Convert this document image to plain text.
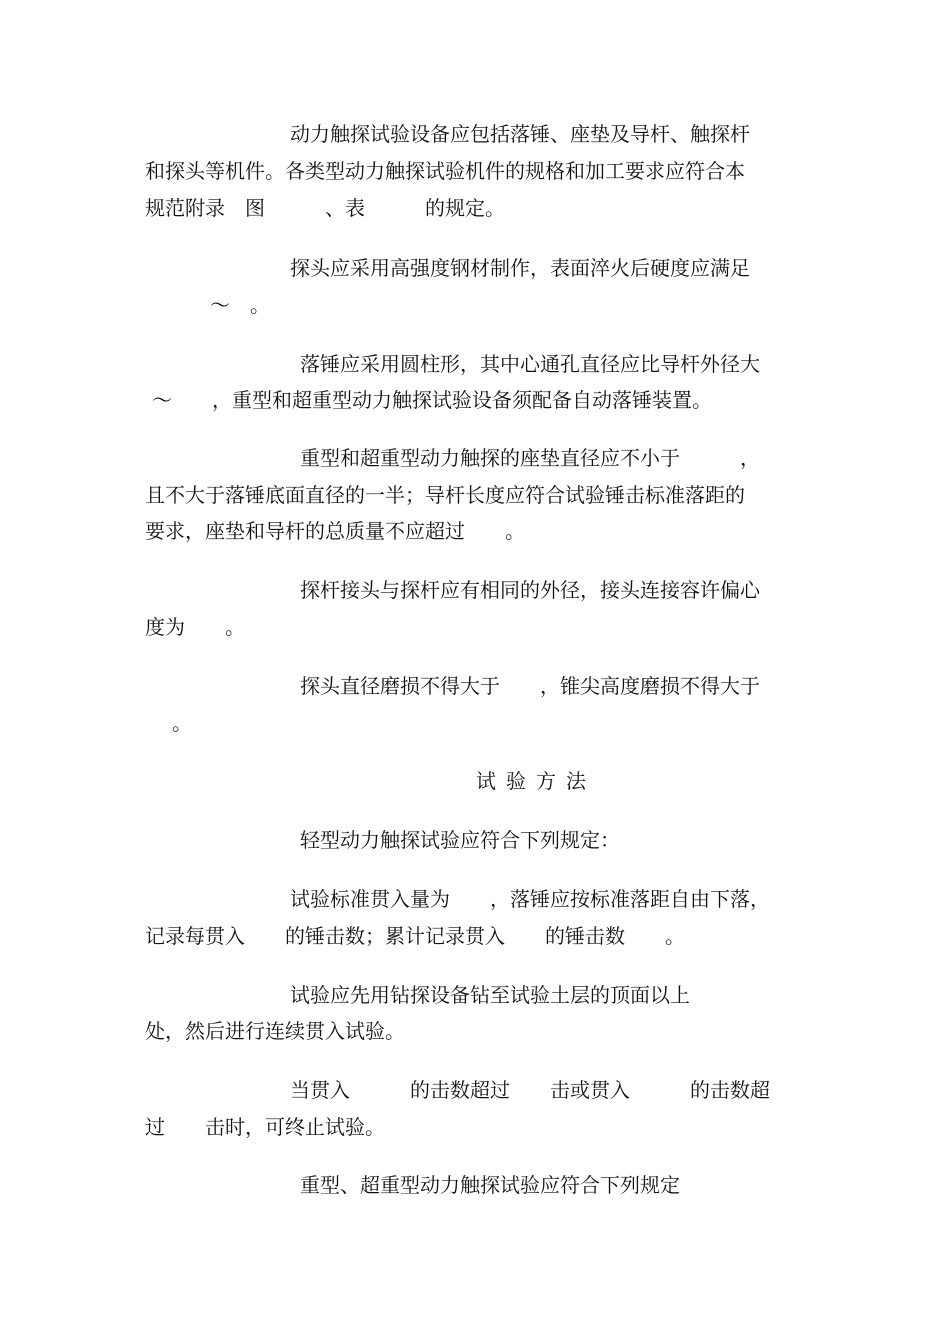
动力触探试验设备应包括落锤、座垫及导杆、触探杆
和探头等机件。各类型动力触探试验机件的规格和加工要求应符合本
规范附录　图　　　、表　　　的规定。
探头应采用高强度钢材制作，表面淬火后硬度应满足
～　。
落锤应采用圆柱形，其中心通孔直径应比导杆外径大
～　　，重型和超重型动力触探试验设备须配备自动落锤装置。
重型和超重型动力触探的座垫直径应不小于　　　，
且不大于落锤底面直径的一半；导杆长度应符合试验锤击标准落距的
要求，座垫和导杆的总质量不应超过　　。
探杆接头与探杆应有相同的外径，接头连接容许偏心
度为　　。
探头直径磨损不得大于　　，锥尖高度磨损不得大于
。
试验方法
轻型动力触探试验应符合下列规定：
试验标准贯入量为　　，落锤应按标准落距自由下落，
记录每贯入　　的锤击数；累计记录贯入　　的锤击数　　。
试验应先用钻探设备钻至试验土层的顶面以上
处，然后进行连续贯入试验。
当贯入　　　的击数超过　　击或贯入　　　的击数超
过　　击时，可终止试验。
重型、超重型动力触探试验应符合下列规定
